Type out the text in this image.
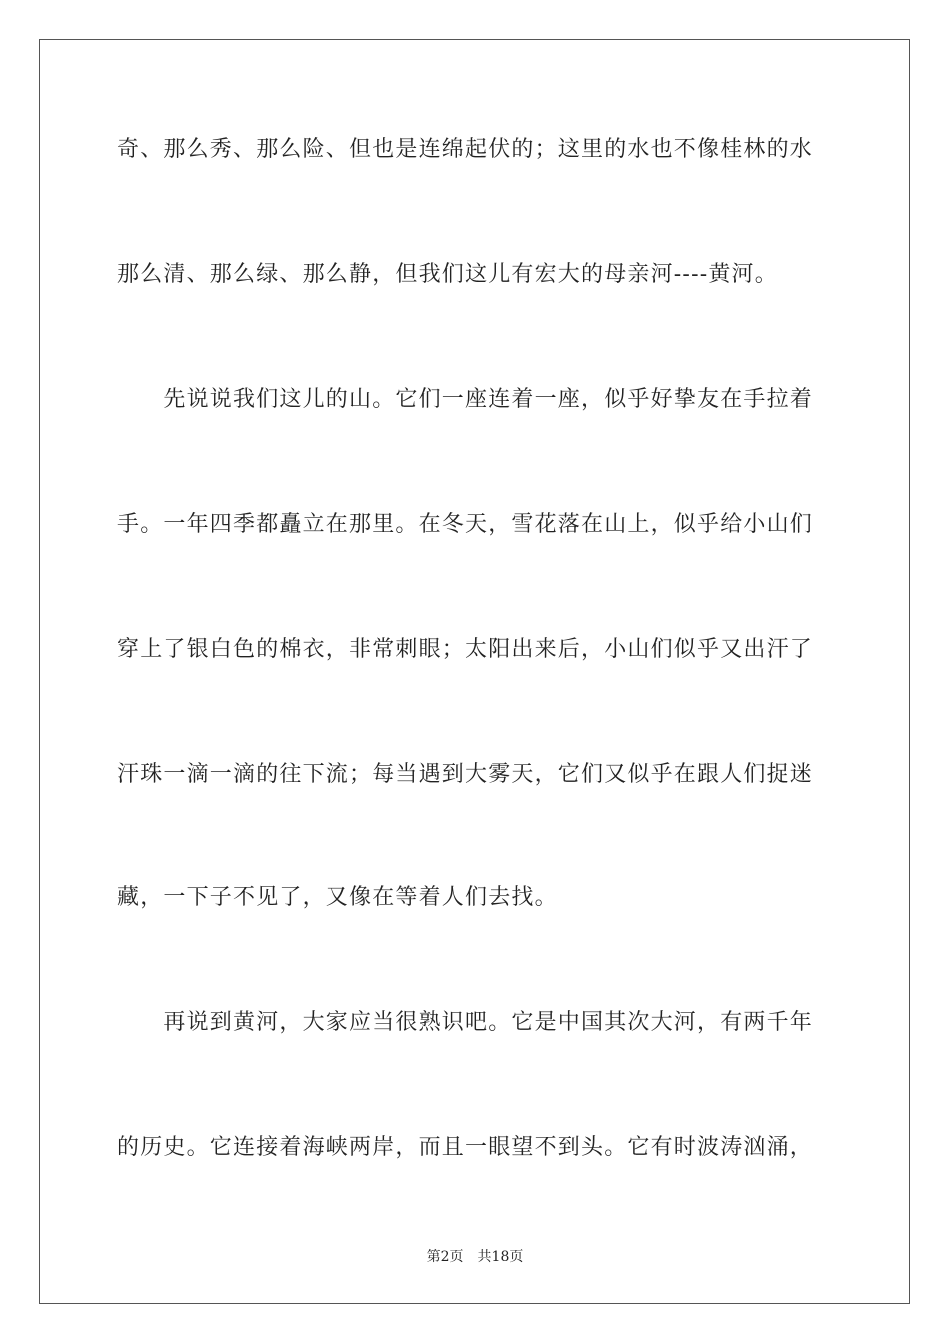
奇、那么秀、那么险、但也是连绵起伏的；这里的水也不像桂林的水
那么清、那么绿、那么静，但我们这儿有宏大的母亲河----黄河。
　　先说说我们这儿的山。它们一座连着一座，似乎好挚友在手拉着
手。一年四季都矗立在那里。在冬天，雪花落在山上，似乎给小山们
穿上了银白色的棉衣，非常刺眼；太阳出来后，小山们似乎又出汗了
汗珠一滴一滴的往下流；每当遇到大雾天，它们又似乎在跟人们捉迷
藏，一下子不见了，又像在等着人们去找。
　　再说到黄河，大家应当很熟识吧。它是中国其次大河，有两千年
的历史。它连接着海峡两岸，而且一眼望不到头。它有时波涛汹涌，
第2页 共18页
